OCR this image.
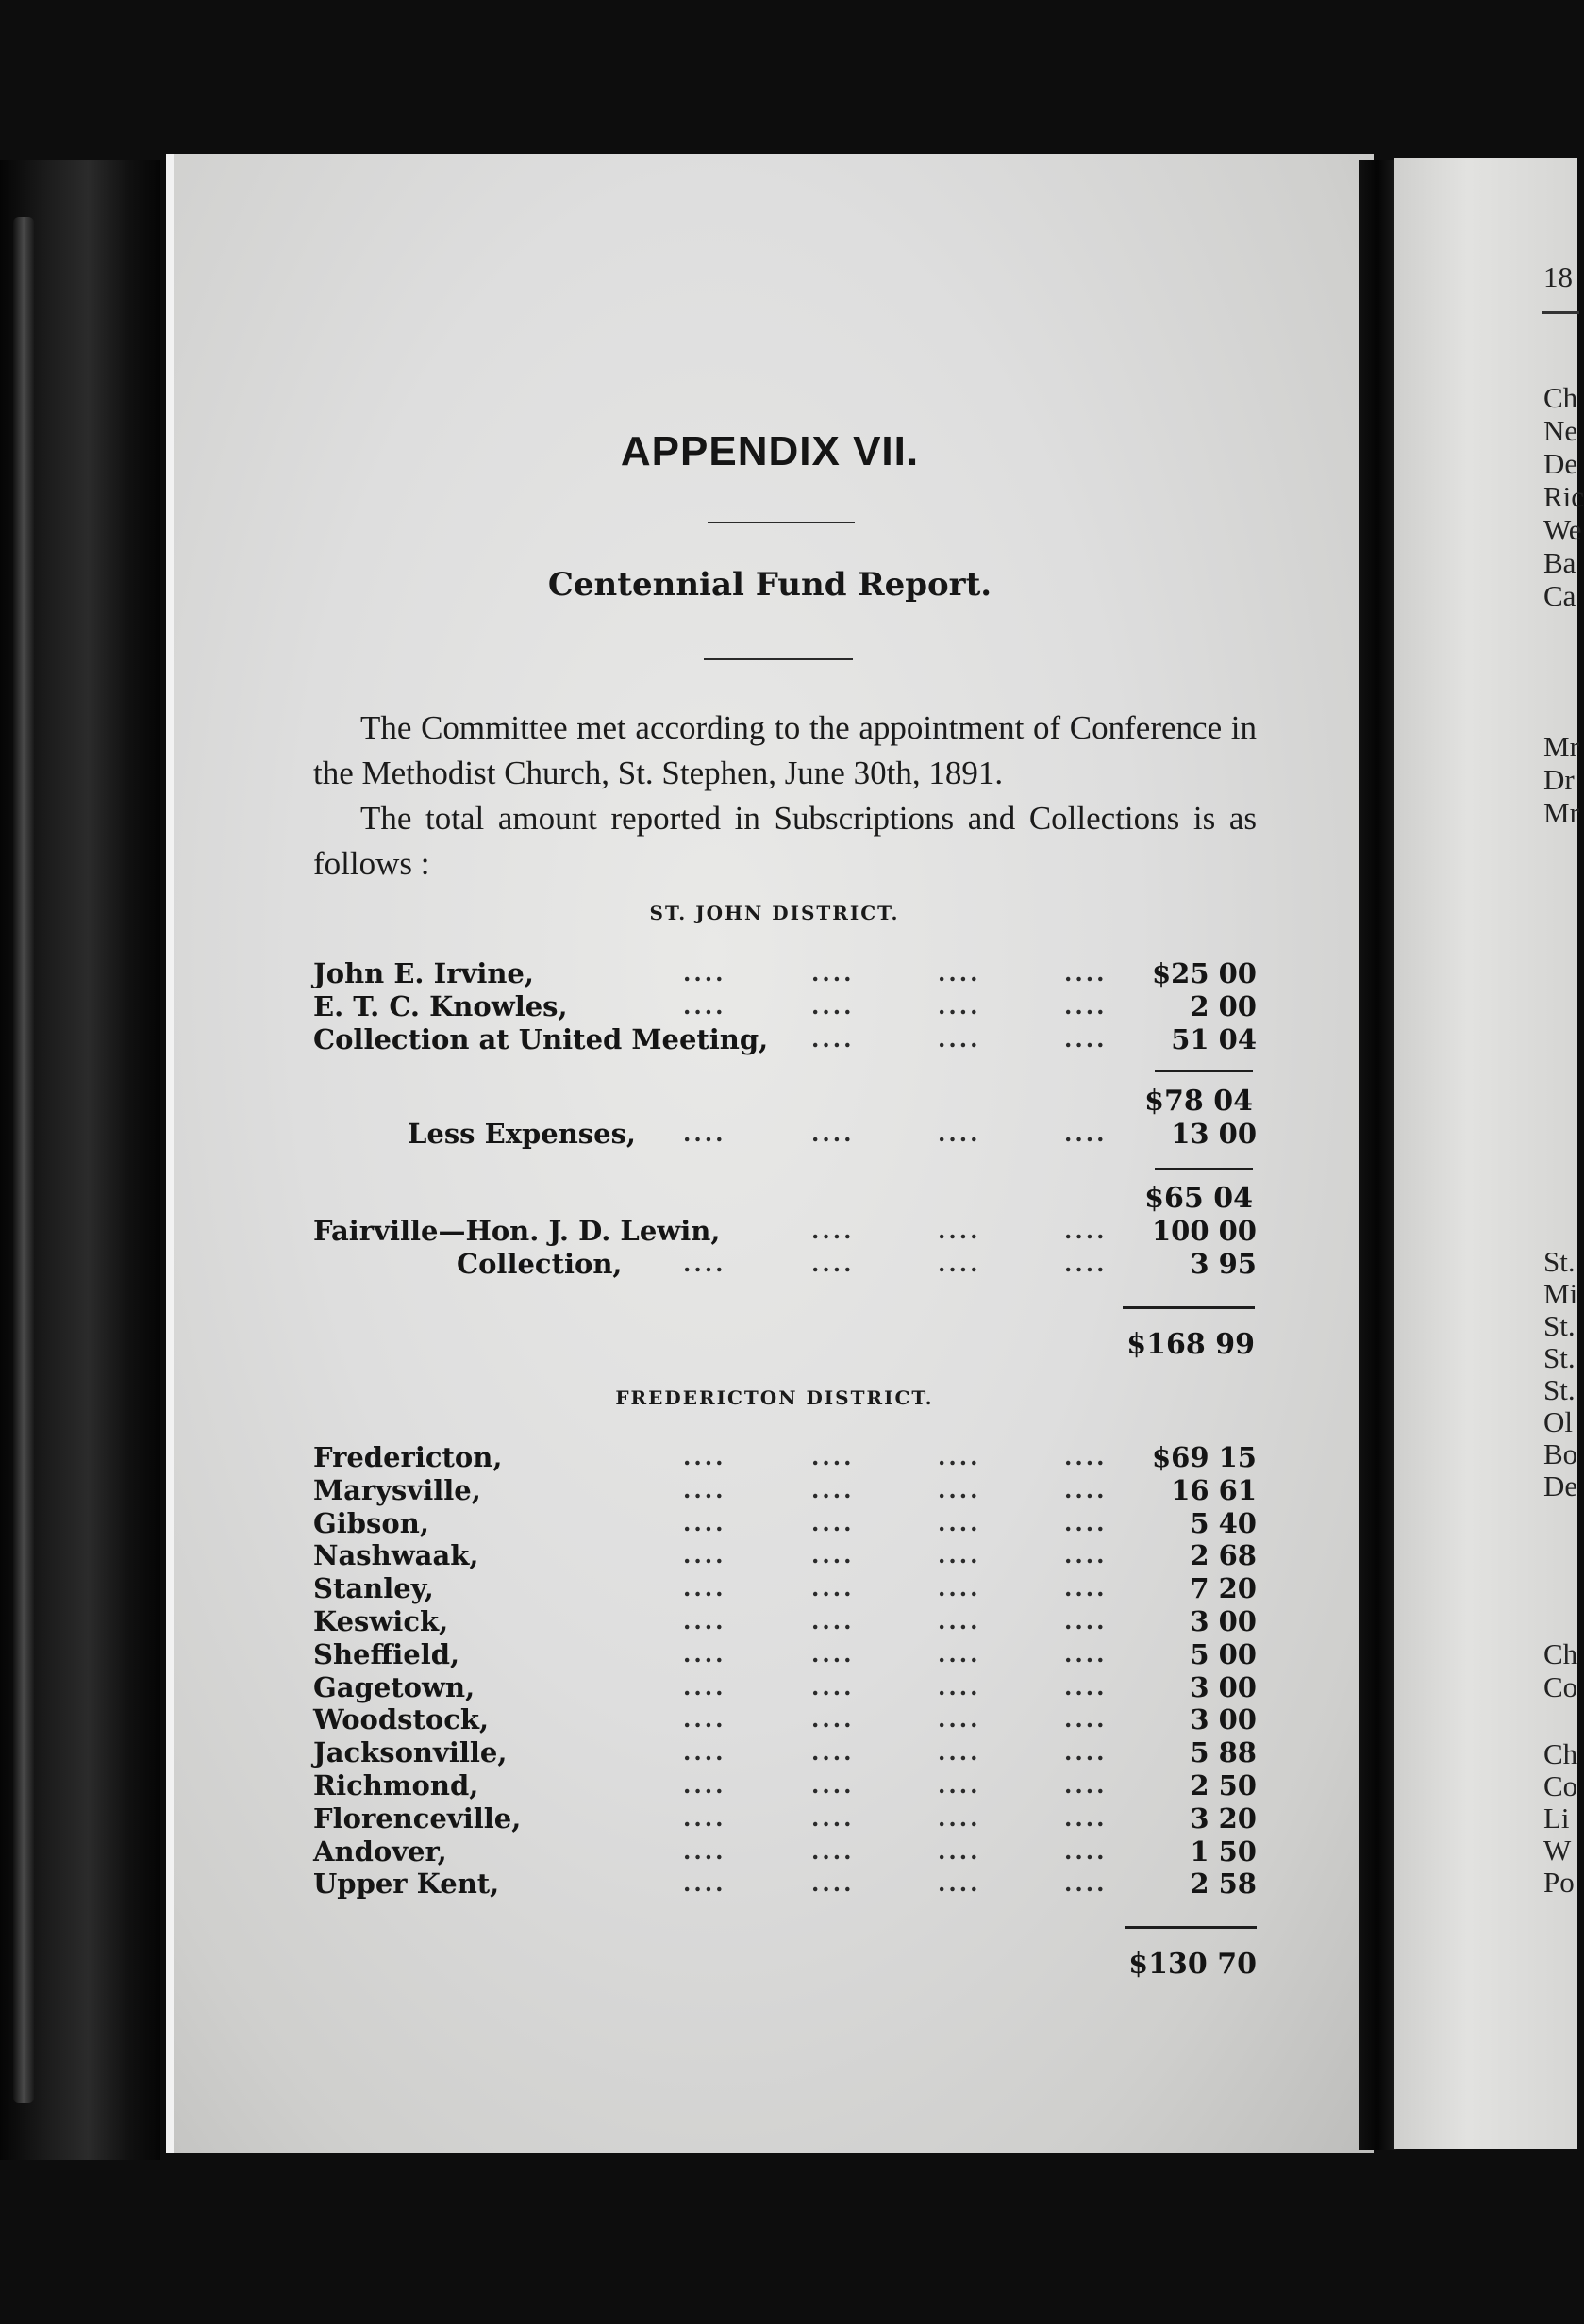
18
Ch
Ne
De
Ric
We
Ba
Ca
Mr
Dr
Mr
St.
Mi
St.
St.
St.
Ol
Bo
De
Ch
Co
Ch
Co
Li
W
Po
APPENDIX VII.
Centennial Fund Report.
The Committee met according to the appointment of Conference in the Methodist Church, St. Stephen, June 30th, 1891.
The total amount reported in Subscriptions and Collections is as follows :
ST. JOHN DISTRICT.
John E. Irvine,	....	....	....	.... $25 00
E. T. C. Knowles,	....	....	....	....	2 00
Collection at United Meeting, ....	....	.... 51 04
$78 04
Less Expenses, ....	....	....	.... 13 00
$65 04
Fairville—Hon. J. D. Lewin,	....	....	.... 100 00
Collection,	....	....	....	....	3 95
$168 99
FREDERICTON DISTRICT.
Fredericton,	....	....	....	.... $69 15
Marysville,	....	....	....	.... 16 61
Gibson,	....	....	....	....	5 40
Nashwaak,	....	....	....	....	2 68
Stanley,	....	....	....	....	7 20
Keswick,	....	....	....	....	3 00
Sheffield,	....	....	....	....	5 00
Gagetown,	....	....	....	....	3 00
Woodstock,	....	....	....	....	3 00
Jacksonville,	....	....	....	....	5 88
Richmond,	....	....	....	....	2 50
Florenceville,	....	....	....	....	3 20
Andover,	....	....	....	....	1 50
Upper Kent,	....	....	....	....	2 58
$130 70
